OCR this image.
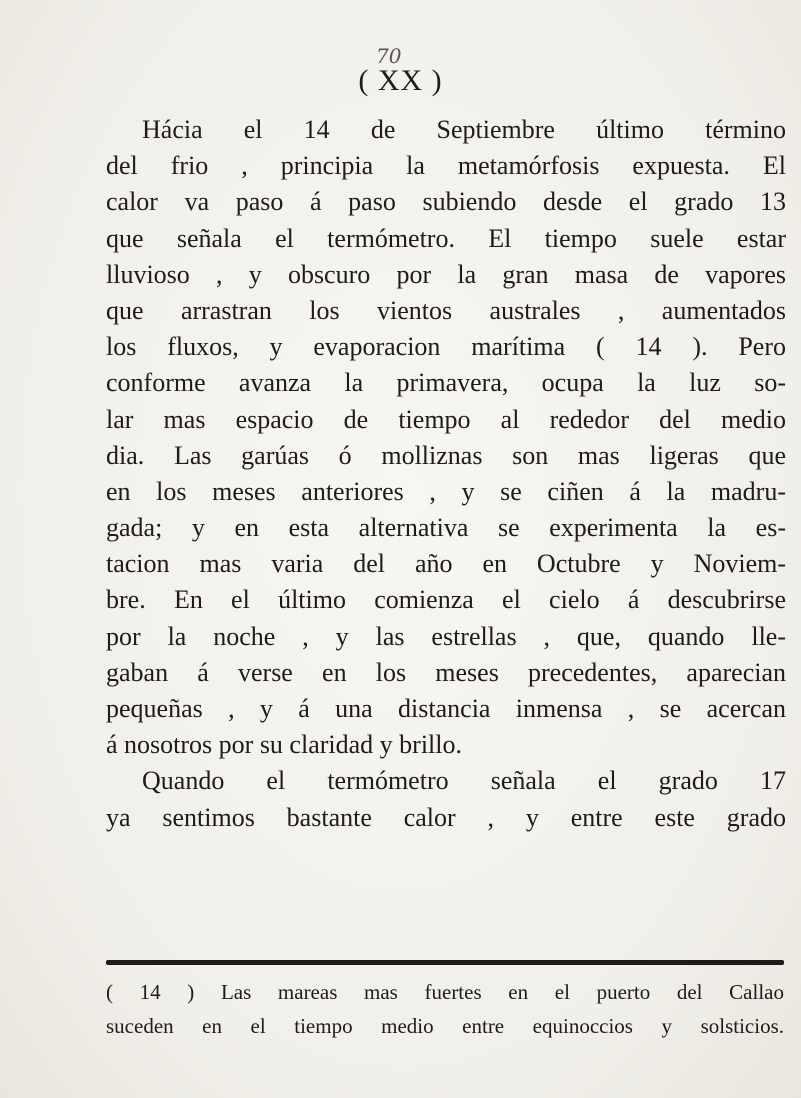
70
( XX )
Hácia el 14 de Septiembre último término
del frio , principia la metamórfosis expuesta. El
calor va paso á paso subiendo desde el grado 13
que señala el termómetro. El tiempo suele estar
lluvioso , y obscuro por la gran masa de vapores
que arrastran los vientos australes , aumentados
los fluxos, y evaporacion marítima ( 14 ). Pero
conforme avanza la primavera, ocupa la luz so-
lar mas espacio de tiempo al rededor del medio
dia. Las garúas ó molliznas son mas ligeras que
en los meses anteriores , y se ciñen á la madru-
gada; y en esta alternativa se experimenta la es-
tacion mas varia del año en Octubre y Noviem-
bre. En el último comienza el cielo á descubrirse
por la noche , y las estrellas , que, quando lle-
gaban á verse en los meses precedentes, aparecian
pequeñas , y á una distancia inmensa , se acercan
á nosotros por su claridad y brillo.
Quando el termómetro señala el grado 17
ya sentimos bastante calor , y entre este grado
( 14 ) Las mareas mas fuertes en el puerto del Callao
suceden en el tiempo medio entre equinoccios y solsticios.
